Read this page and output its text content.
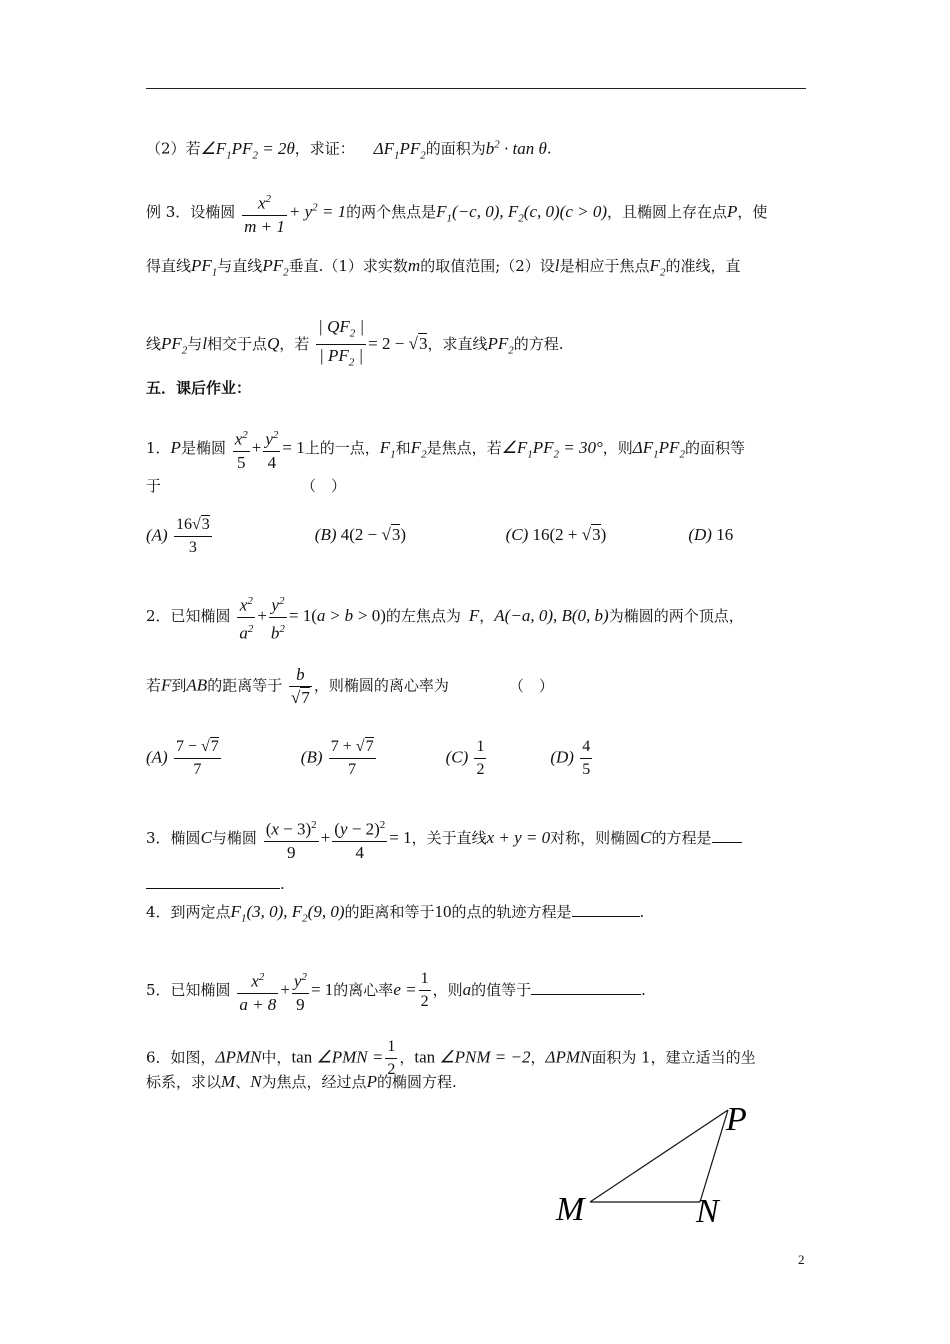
（2）若$\angle F_1PF_2 = 2\theta$，求证： $\Delta F_1PF_2$的面积为$b^2 \cdot \tan \theta$.
例 3．设椭圆 $\frac{x^2}{m + 1} + y^2 = 1$的两个焦点是$F_1(-c$, 0), $F_2(c$, 0)(c > 0)，且椭圆上存在点P，使
得直线$PF_1$与直线$PF_2$垂直.（1）求实数m的取值范围;（2）设l是相应于焦点$F_2$的准线，直
线$PF_2$与l相交于点Q，若 $\frac{| QF_2 |}{| PF_2 |} = 2 - √3$，求直线$PF_2$的方程.
五．课后作业：
1．P是椭圆 $\frac{x^2}{5} + \frac{y^2}{4} = 1$上的一点，$F_1$和$F_2$是焦点，若$\angle F_1PF_2 = 30^\circ$，则$\Delta F_1PF_2$的面积等
于	（　）
$(A) \frac{16√3}{3}$	(B) 4(2 − √3)	(C) 16(2 + √3)	(D) 16
2．已知椭圆 $\frac{x^2}{a^2} + \frac{y^2}{b^2} = 1(a > b > 0)$的左焦点为 F，A(−a, 0), B(0, b)为椭圆的两个顶点，
若F到AB的距离等于 $\frac{b}{√7}$ ，则椭圆的离心率为	（　）
$(A) \frac{7 - √7}{7}$	$(B) \frac{7 + √7}{7}$	$(C) \frac{1}{2}$	$(D) \frac{4}{5}$
3．椭圆C与椭圆 $\frac{(x - 3)^2}{9} + \frac{(y - 2)^2}{4} = 1$，关于直线x + y = 0对称，则椭圆C的方程是
.
4．到两定点$F_1(3$, 0), $F_2(9$, 0)的距离和等于10的点的轨迹方程是	.
5．已知椭圆 $\frac{x^2}{a + 8} + \frac{y^2}{9} = 1$的离心率$e = \frac{1}{2}$ ，则a的值等于	.
6．如图，ΔPMN中，tan ∠PMN = $\frac{1}{2}$ ，tan ∠PNM = −2，ΔPMN面积为 1，建立适当的坐
标系，求以M、N为焦点，经过点P的椭圆方程.
P
M	N
2
